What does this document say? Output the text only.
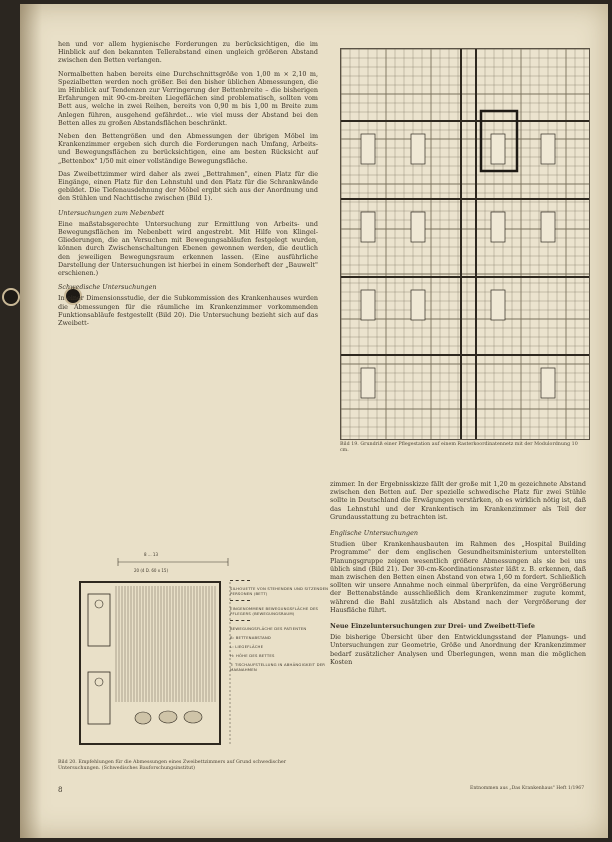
hen und vor allem hygienische Forderungen zu berücksichtigen, die im Hinblick auf den bekannten Tellerabstand einen ungleich größeren Abstand zwischen den Betten verlangen.

Normalbetten haben bereits eine Durchschnittsgröße von 1,00 m × 2,10 m, Spezialbetten werden noch größer. Bei den bisher üblichen Abmessungen, die im Hinblick auf Tendenzen zur Verringerung der Bettenbreite – die bisherigen Erfahrungen mit 90-cm-breiten Liegeflächen sind problematisch, sollten vom Bett aus, welche in zwei Reihen, bereits von 0,90 m bis 1,00 m Breite zum Anlegen führen, ausgehend gefährdet... wie viel muss der Abstand bei den Betten alles zu großen Abstandsflächen beschränkt.

Neben den Bettengrößen und den Abmessungen der übrigen Möbel im Krankenzimmer ergeben sich durch die Forderungen nach Umfang, Arbeits- und Bewegungsflächen zu berücksichtigen, eine am besten Rücksicht auf „Bettenbox" 1/50 mit einer vollständige Bewegungsfläche.

Das Zweibettzimmer wird daher als zwei „Bettrahmen", einen Platz für die Eingänge, einen Platz für den Lehnstuhl und den Platz für die Schrankwände gebildet. Die Tiefenausdehnung der Möbel ergibt sich aus der Anordnung und den Stühlen und Nachttische zwischen (Bild 1).

Untersuchungen zum Nebenbett

Eine maßstabsgerechte Untersuchung zur Ermittlung von Arbeits- und Bewegungsflächen im Nebenbett wird angestrebt. Mit Hilfe von Klingel-Gliederungen, die an Versuchen mit Bewegungsabläufen festgelegt wurden, können durch Zwischenschaltungen Ebenen gewonnen werden, die deutlich den jeweiligen Bewegungsraum erkennen lassen. (Eine ausführliche Darstellung der Untersuchungen ist hierbei in einem Sonderheft der „Bauwelt" erschienen.)

Schwedische Untersuchungen

In einer Dimensionsstudie, der die Subkommission des Krankenhauses wurden die Abmessungen für die räumliche im Krankenzimmer vorkommenden Funktionsabläufe festgestellt (Bild 20). Die Untersuchung bezieht sich auf das Zweibett-

Bild 19. Grundriß einer Pflegestation auf einem Rasterkoordinatennetz mit der Modulordnung 10 cm.

zimmer. In der Ergebnisskizze fällt der große mit 1,20 m gezeichnete Abstand zwischen den Betten auf. Der spezielle schwedische Platz für zwei Stühle sollte in Deutschland die Erwägungen verstärken, ob es wirklich nötig ist, daß das Lehnstuhl und der Krankentisch im Krankenzimmer als Teil der Grundausstattung zu betrachten ist.

Englische Untersuchungen

Studien über Krankenhausbauten im Rahmen des „Hospital Building Programme" der dem englischen Gesundheitsministerium unterstellten Planungsgruppe zeigen wesentlich größere Abmessungen als sie bei uns üblich sind (Bild 21). Der 30-cm-Koordinationsraster läßt z. B. erkennen, daß man zwischen den Betten einen Abstand von etwa 1,60 m fordert. Schließlich sollten wir unsere Annahme noch einmal überprüfen, da eine Vergrößerung der Bettenabstände ausschließlich dem Krankenzimmer zugute kommt, während die Bahl zusätzlich als Abstand nach der Vergrößerung der Hausfläche führt.

Neue Einzeluntersuchungen zur Drei- und Zweibett-Tiefe

Die bisherige Übersicht über den Entwicklungsstand der Planungs- und Untersuchungen zur Geometrie, Größe und Anordnung der Krankenzimmer bedarf zusätzlicher Analysen und Überlegungen, wenn man die möglichen Kosten

8 ... 13
20 (4 D. 60 x 15)

SILHOUETTE VON STEHENDEN UND SITZENDEN PERSONEN (BETT)

EINGENOMMENE BEWEGUNGSFLÄCHE DES PFLEGERS (BEWEGUNGSRAUM)

BEWEGUNGSFLÄCHE DES PATIENTEN
B: BETTENABSTAND
L: LIEGEFLÄCHE
H: HÖHE DES BETTES
T: TISCHAUFSTELLUNG IN ABHÄNGIGKEIT DER MAßNAHMEN
Bild 20. Empfehlungen für die Abmessungen eines Zweibettzimmers auf Grund schwedischer Untersuchungen. (Schwedisches Bauforschungsinstitut)
8	Entnommen aus „Das Krankenhaus" Heft 1/1967
